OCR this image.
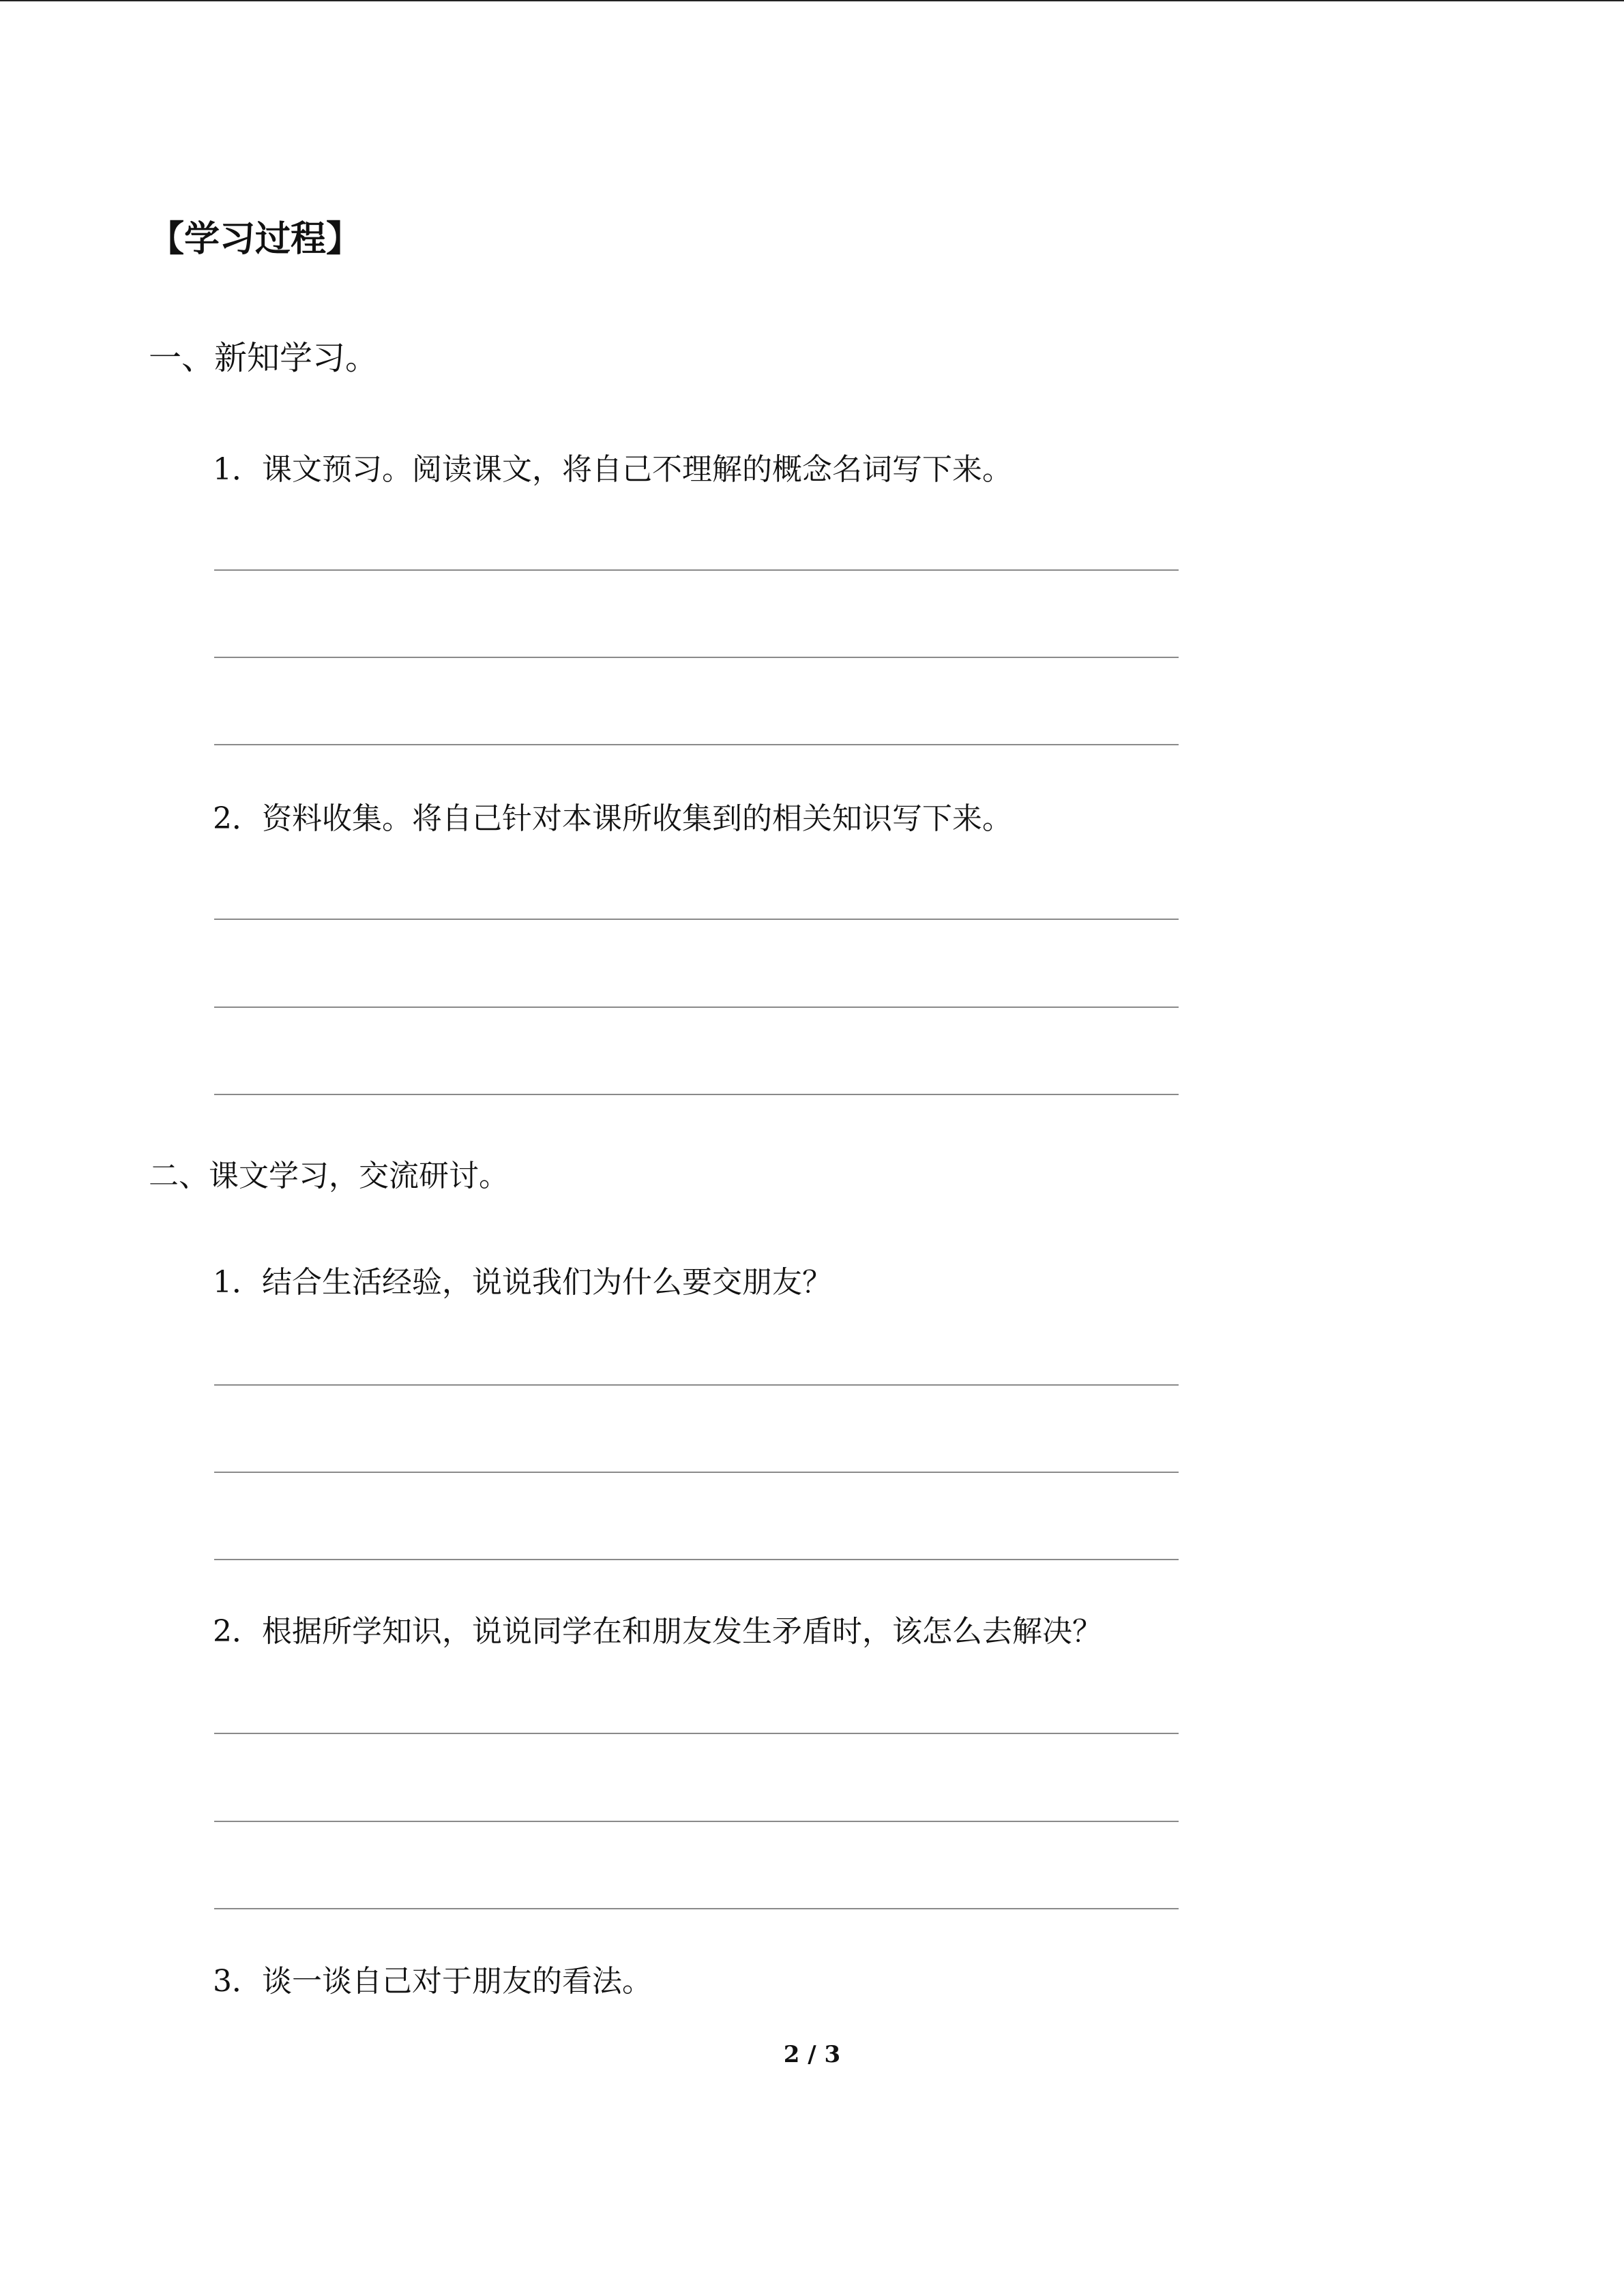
【学习过程】
一、新知学习。
1．课文预习。阅读课文，将自己不理解的概念名词写下来。
2．资料收集。将自己针对本课所收集到的相关知识写下来。
二、课文学习，交流研讨。
1．结合生活经验，说说我们为什么要交朋友？
2．根据所学知识，说说同学在和朋友发生矛盾时，该怎么去解决？
3．谈一谈自己对于朋友的看法。
2 / 3
